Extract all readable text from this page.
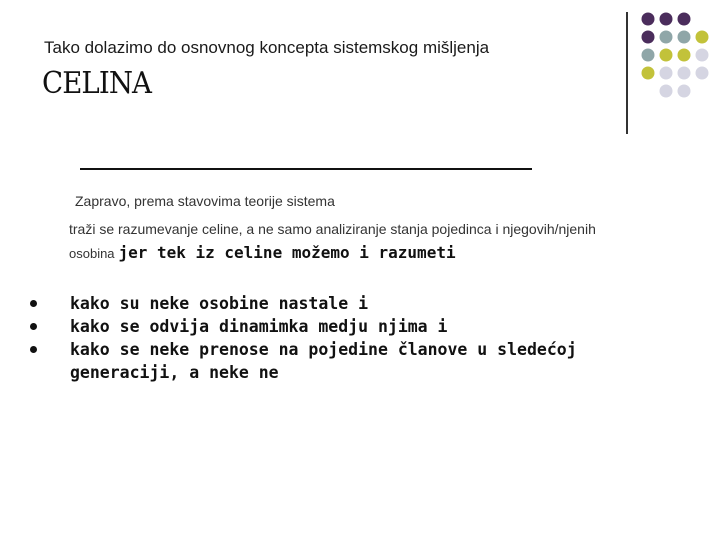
Tako dolazimo do osnovnog koncepta sistemskog mišljenja
CELINA
Zapravo, prema stavovima teorije sistema
traži se razumevanje celine, a ne samo analiziranje stanja pojedinca i njegovih/njenih
osobina jer tek iz celine možemo i razumeti
kako su neke osobine nastale i
kako se odvija dinamimka medju njima i
kako se neke prenose na pojedine članove u sledećoj generaciji, a neke ne
